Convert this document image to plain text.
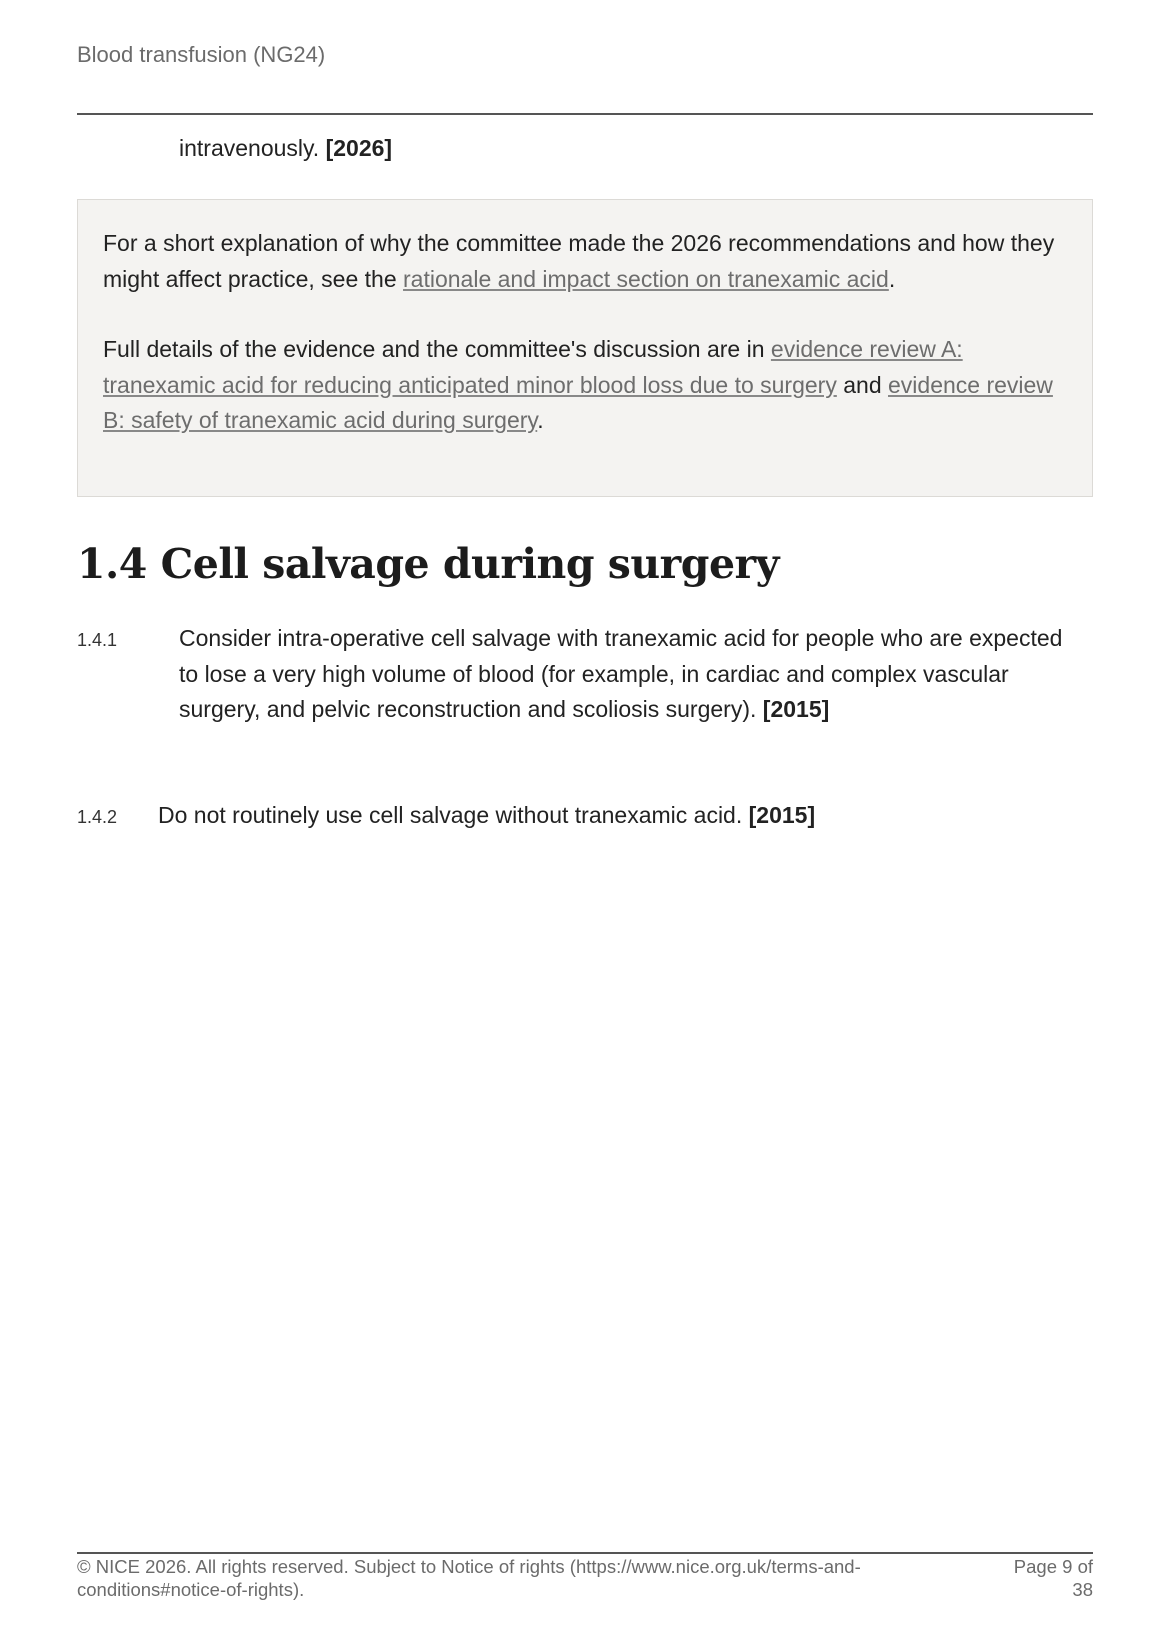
Blood transfusion (NG24)
intravenously. [2026]

For a short explanation of why the committee made the 2026 recommendations and how they might affect practice, see the rationale and impact section on tranexamic acid.

Full details of the evidence and the committee's discussion are in evidence review A: tranexamic acid for reducing anticipated minor blood loss due to surgery and evidence review B: safety of tranexamic acid during surgery.

1.4 Cell salvage during surgery
1.4.1	Consider intra-operative cell salvage with tranexamic acid for people who are expected to lose a very high volume of blood (for example, in cardiac and complex vascular surgery, and pelvic reconstruction and scoliosis surgery). [2015]
1.4.2 Do not routinely use cell salvage without tranexamic acid. [2015]
© NICE 2026. All rights reserved. Subject to Notice of rights (https://www.nice.org.uk/terms-and-conditions#notice-of-rights).
Page 9 of 38
